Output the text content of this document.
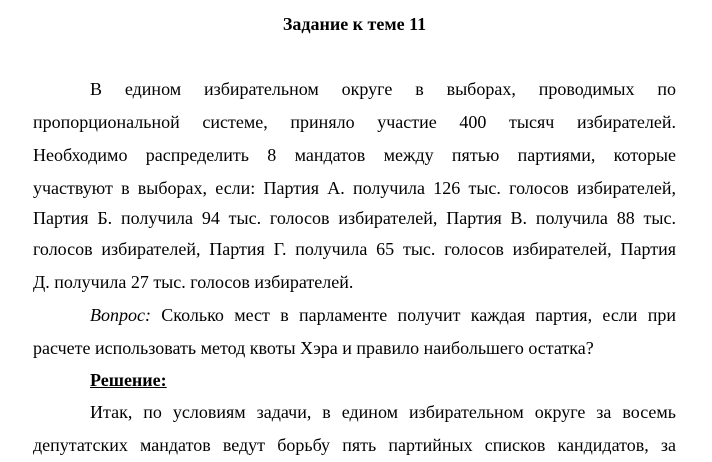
Задание к теме 11
В едином избирательном округе в выборах, проводимых по
пропорциональной системе, приняло участие 400 тысяч избирателей.
Необходимо распределить 8 мандатов между пятью партиями, которые
участвуют в выборах, если: Партия А. получила 126 тыс. голосов избирателей,
Партия Б. получила 94 тыс. голосов избирателей, Партия В. получила 88 тыс.
голосов избирателей, Партия Г. получила 65 тыс. голосов избирателей, Партия
Д. получила 27 тыс. голосов избирателей.
Вопрос: Сколько мест в парламенте получит каждая партия, если при
расчете использовать метод квоты Хэра и правило наибольшего остатка?
Решение:
Итак, по условиям задачи, в едином избирательном округе за восемь
депутатских мандатов ведут борьбу пять партийных списков кандидатов, за
